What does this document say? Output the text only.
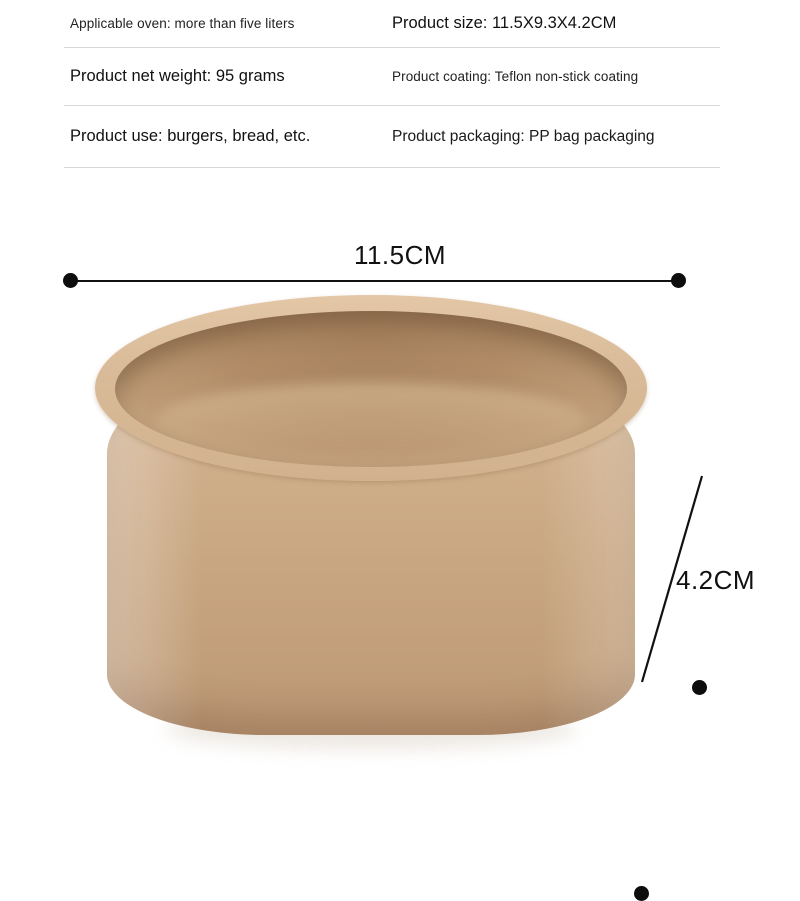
Applicable oven: more than five liters	Product size: 11.5X9.3X4.2CM
Product net weight: 95 grams	Product coating: Teflon non-stick coating
Product use: burgers, bread, etc.	Product packaging: PP bag packaging
11.5CM
4.2CM
